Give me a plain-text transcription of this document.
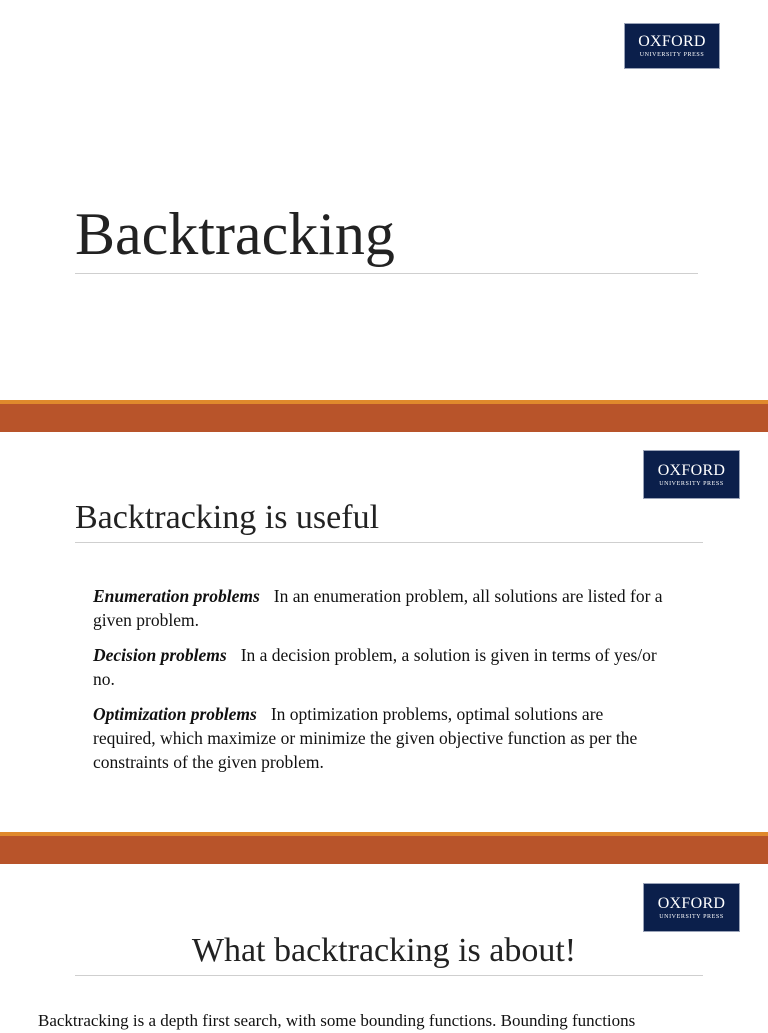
OXFORD
UNIVERSITY PRESS
Backtracking
OXFORD
UNIVERSITY PRESS
Backtracking is useful
Enumeration problems In an enumeration problem, all solutions are listed for a given problem.
Decision problems In a decision problem, a solution is given in terms of yes/or no.
Optimization problems In optimization problems, optimal solutions are required, which maximize or minimize the given objective function as per the constraints of the given problem.
OXFORD
UNIVERSITY PRESS
What backtracking is about!
Backtracking is a depth first search, with some bounding functions. Bounding functions
